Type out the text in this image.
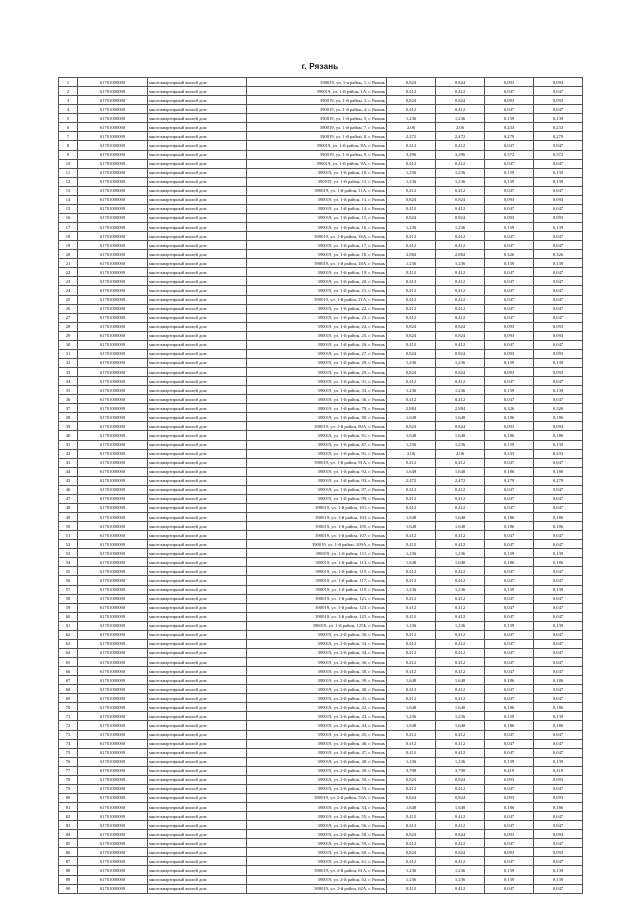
г. Рязань
1	61701000000	многоквартирный жилой дом	390019, ул. 1-я район, 1, г. Рязань	0,824	0,824	0,093	0,093
2	61701000000	многоквартирный жилой дом	390019, ул. 1-й район, 1А, г. Рязань	0,412	0,412	0,047	0,047
3	61701000000	многоквартирный жилой дом	390019, ул. 1-й район, 3, г. Рязань	0,824	0,824	0,093	0,093
4	61701000000	многоквартирный жилой дом	390019, ул. 1-й район, 4, г. Рязань	0,412	0,412	0,047	0,047
5	61701000000	многоквартирный жилой дом	390019, ул. 1-й район, 5, г. Рязань	1,236	1,236	0,139	0,139
6	61701000000	многоквартирный жилой дом	390019, ул. 1-й район, 7, г. Рязань	2,06	2,06	0,233	0,233
7	61701000000	многоквартирный жилой дом	390019, ул. 1-й район, 8, г. Рязань	2,472	2,472	0,279	0,279
8	61701000000	многоквартирный жилой дом	390019, ул. 1-й район, 8А, г. Рязань	0,412	0,412	0,047	0,047
9	61701000000	многоквартирный жилой дом	390019, ул. 1-й район, 9, г. Рязань	3,296	3,296	0,372	0,372
10	61701000000	многоквартирный жилой дом	390019, ул. 1-й район, 9А, г. Рязань	0,412	0,412	0,047	0,047
11	61701000000	многоквартирный жилой дом	390019, ул. 1-й район, 10, г. Рязань	1,236	1,236	0,139	0,139
12	61701000000	многоквартирный жилой дом	390019, ул. 1-й район, 11, г. Рязань	1,236	1,236	0,139	0,139
13	61701000000	многоквартирный жилой дом	390019, ул. 1-й район, 11А, г. Рязань	0,412	0,412	0,047	0,047
14	61701000000	многоквартирный жилой дом	390019, ул. 1-й район, 13, г. Рязань	0,824	0,824	0,093	0,093
15	61701000000	многоквартирный жилой дом	390019, ул. 1-й район, 14, г. Рязань	0,412	0,412	0,047	0,047
16	61701000000	многоквартирный жилой дом	390019, ул. 1-й район, 15, г. Рязань	0,824	0,824	0,093	0,093
17	61701000000	многоквартирный жилой дом	390019, ул. 1-й район, 16, г. Рязань	1,236	1,236	0,139	0,139
18	61701000000	многоквартирный жилой дом	390019, ул. 1-й район, 16А, г. Рязань	0,412	0,412	0,047	0,047
19	61701000000	многоквартирный жилой дом	390019, ул. 1-й район, 17, г. Рязань	0,412	0,412	0,047	0,047
20	61701000000	многоквартирный жилой дом	390019, ул. 1-й район, 18, г. Рязань	2,884	2,884	0,326	0,326
21	61701000000	многоквартирный жилой дом	390019, ул. 1-й район, 18А, г. Рязань	1,236	1,236	0,139	0,139
22	61701000000	многоквартирный жилой дом	390019, ул. 1-й район, 19, г. Рязань	0,412	0,412	0,047	0,047
23	61701000000	многоквартирный жилой дом	390019, ул. 1-й район, 20, г. Рязань	0,412	0,412	0,047	0,047
24	61701000000	многоквартирный жилой дом	390019, ул. 1-й район, 21, г. Рязань	0,412	0,412	0,047	0,047
25	61701000000	многоквартирный жилой дом	390019, ул. 1-й район, 21А, г. Рязань	0,412	0,412	0,047	0,047
26	61701000000	многоквартирный жилой дом	390019, ул. 1-й район, 22, г. Рязань	0,412	0,412	0,047	0,047
27	61701000000	многоквартирный жилой дом	390019, ул. 1-й район, 23, г. Рязань	0,412	0,412	0,047	0,047
28	61701000000	многоквартирный жилой дом	390019, ул. 1-й район, 24, г. Рязань	0,824	0,824	0,093	0,093
29	61701000000	многоквартирный жилой дом	390019, ул. 1-й район, 25, г. Рязань	0,824	0,824	0,093	0,093
30	61701000000	многоквартирный жилой дом	390019, ул. 1-й район, 26, г. Рязань	0,412	0,412	0,047	0,047
31	61701000000	многоквартирный жилой дом	390019, ул. 1-й район, 27, г. Рязань	0,824	0,824	0,093	0,093
32	61701000000	многоквартирный жилой дом	390019, ул. 1-й район, 28, г. Рязань	1,236	1,236	0,139	0,139
33	61701000000	многоквартирный жилой дом	390019, ул. 1-й район, 29, г. Рязань	0,824	0,824	0,093	0,093
34	61701000000	многоквартирный жилой дом	390019, ул. 1-й район, 31, г. Рязань	0,412	0,412	0,047	0,047
35	61701000000	многоквартирный жилой дом	390019, ул. 1-й район, 33, г. Рязань	1,236	1,236	0,139	0,139
36	61701000000	многоквартирный жилой дом	390019, ул. 1-й район, 36, г. Рязань	0,412	0,412	0,047	0,047
37	61701000000	многоквартирный жилой дом	390019, ул. 1-й район, 78, г. Рязань	2,884	2,884	0,326	0,326
38	61701000000	многоквартирный жилой дом	390019, ул. 1-й район, 80, г. Рязань	1,648	1,648	0,186	0,186
39	61701000000	многоквартирный жилой дом	390019, ул. 1-й район, 80А, г. Рязань	0,824	0,824	0,093	0,093
40	61701000000	многоквартирный жилой дом	390019, ул. 1-й район, 81, г. Рязань	1,648	1,648	0,186	0,186
41	61701000000	многоквартирный жилой дом	390019, ул. 1-й район, 87, г. Рязань	1,236	1,236	0,139	0,139
42	61701000000	многоквартирный жилой дом	390019, ул. 1-й район, 91, г. Рязань	2,06	2,06	0,233	0,233
43	61701000000	многоквартирный жилой дом	390019, ул. 1-й район, 91А, г. Рязань	0,412	0,412	0,047	0,047
44	61701000000	многоквартирный жилой дом	390019, ул. 1-й район, 92, г. Рязань	1,648	1,648	0,186	0,186
45	61701000000	многоквартирный жилой дом	390019, ул. 1-й район, 93, г. Рязань	2,472	2,472	0,279	0,279
46	61701000000	многоквартирный жилой дом	390019, ул. 1-й район, 97, г. Рязань	0,412	0,412	0,047	0,047
47	61701000000	многоквартирный жилой дом	390019, ул. 1-й район, 99, г. Рязань	0,412	0,412	0,047	0,047
48	61701000000	многоквартирный жилой дом	390019, ул. 1-й район, 101, г. Рязань	0,412	0,412	0,047	0,047
49	61701000000	многоквартирный жилой дом	390019, ул. 1-й район, 103, г. Рязань	1,648	1,648	0,186	0,186
50	61701000000	многоквартирный жилой дом	390019, ул. 1-й район, 105, г. Рязань	1,648	1,648	0,186	0,186
51	61701000000	многоквартирный жилой дом	390019, ул. 1-й район, 107, г. Рязань	0,412	0,412	0,047	0,047
52	61701000000	многоквартирный жилой дом	390019, ул. 1-й район, 109А, г. Рязань	0,412	0,412	0,047	0,047
53	61701000000	многоквартирный жилой дом	390019, ул. 1-й район, 111, г. Рязань	1,236	1,236	0,139	0,139
54	61701000000	многоквартирный жилой дом	390019, ул. 1-й район, 113, г. Рязань	1,648	1,648	0,186	0,186
55	61701000000	многоквартирный жилой дом	390019, ул. 1-й район, 115, г. Рязань	0,412	0,412	0,047	0,047
56	61701000000	многоквартирный жилой дом	390019, ул. 1-й район, 117, г. Рязань	0,412	0,412	0,047	0,047
57	61701000000	многоквартирный жилой дом	390019, ул. 1-й район, 119, г. Рязань	1,236	1,236	0,139	0,139
58	61701000000	многоквартирный жилой дом	390019, ул. 1-й район, 121, г. Рязань	0,412	0,412	0,047	0,047
59	61701000000	многоквартирный жилой дом	390019, ул. 1-й район, 123, г. Рязань	0,412	0,412	0,047	0,047
60	61701000000	многоквартирный жилой дом	390019, ул. 1-й район, 125, г. Рязань	0,412	0,412	0,047	0,047
61	61701000000	многоквартирный жилой дом	390019, ул. 1-й район, 125Б, г. Рязань	1,236	1,236	0,139	0,139
62	61701000000	многоквартирный жилой дом	390019, ул. 2-й район, 30, г. Рязань	0,412	0,412	0,047	0,047
63	61701000000	многоквартирный жилой дом	390019, ул. 2-й район, 33, г. Рязань	0,412	0,412	0,047	0,047
64	61701000000	многоквартирный жилой дом	390019, ул. 2-й район, 34, г. Рязань	0,412	0,412	0,047	0,047
65	61701000000	многоквартирный жилой дом	390019, ул. 2-й район, 36, г. Рязань	0,412	0,412	0,047	0,047
66	61701000000	многоквартирный жилой дом	390019, ул. 2-й район, 38, г. Рязань	0,412	0,412	0,047	0,047
67	61701000000	многоквартирный жилой дом	390019, ул. 2-й район, 39, г. Рязань	1,648	1,648	0,186	0,186
68	61701000000	многоквартирный жилой дом	390019, ул. 2-й район, 40, г. Рязань	0,412	0,412	0,047	0,047
69	61701000000	многоквартирный жилой дом	390019, ул. 2-й район, 41, г. Рязань	0,412	0,412	0,047	0,047
70	61701000000	многоквартирный жилой дом	390019, ул. 2-й район, 42, г. Рязань	1,648	1,648	0,186	0,186
71	61701000000	многоквартирный жилой дом	390019, ул. 2-й район, 43, г. Рязань	1,236	1,236	0,139	0,139
72	61701000000	многоквартирный жилой дом	390019, ул. 2-й район, 44, г. Рязань	1,648	1,648	0,186	0,186
73	61701000000	многоквартирный жилой дом	390019, ул. 2-й район, 45, г. Рязань	0,412	0,412	0,047	0,047
74	61701000000	многоквартирный жилой дом	390019, ул. 2-й район, 46, г. Рязань	0,412	0,412	0,047	0,047
75	61701000000	многоквартирный жилой дом	390019, ул. 2-й район, 47, г. Рязань	0,412	0,412	0,047	0,047
76	61701000000	многоквартирный жилой дом	390019, ул. 2-й район, 48, г. Рязань	1,236	1,236	0,139	0,139
77	61701000000	многоквартирный жилой дом	390019, ул. 2-й район, 49, г. Рязань	3,708	3,708	0,419	0,419
78	61701000000	многоквартирный жилой дом	390019, ул. 2-й район, 50, г. Рязань	0,824	0,824	0,093	0,093
79	61701000000	многоквартирный жилой дом	390019, ул. 2-й район, 53, г. Рязань	0,412	0,412	0,047	0,047
80	61701000000	многоквартирный жилой дом	390019, ул. 2-й район, 53А, г. Рязань	0,824	0,824	0,093	0,093
81	61701000000	многоквартирный жилой дом	390019, ул. 2-й район, 54, г. Рязань	1,648	1,648	0,186	0,186
82	61701000000	многоквартирный жилой дом	390019, ул. 2-й район, 55, г. Рязань	0,412	0,412	0,047	0,047
83	61701000000	многоквартирный жилой дом	390019, ул. 2-й район, 56, г. Рязань	0,412	0,412	0,047	0,047
84	61701000000	многоквартирный жилой дом	390019, ул. 2-й район, 58, г. Рязань	0,824	0,824	0,093	0,093
85	61701000000	многоквартирный жилой дом	390019, ул. 2-й район, 59, г. Рязань	0,412	0,412	0,047	0,047
86	61701000000	многоквартирный жилой дом	390019, ул. 2-й район, 60, г. Рязань	0,824	0,824	0,093	0,093
87	61701000000	многоквартирный жилой дом	390019, ул. 2-й район, 61, г. Рязань	0,412	0,412	0,047	0,047
88	61701000000	многоквартирный жилой дом	390019, ул. 2-й район, 61А, г. Рязань	1,236	1,236	0,139	0,139
89	61701000000	многоквартирный жилой дом	390019, ул. 2-й район, 62, г. Рязань	1,236	1,236	0,139	0,139
90	61701000000	многоквартирный жилой дом	390019, ул. 2-й район, 62А, г. Рязань	0,412	0,412	0,047	0,047
